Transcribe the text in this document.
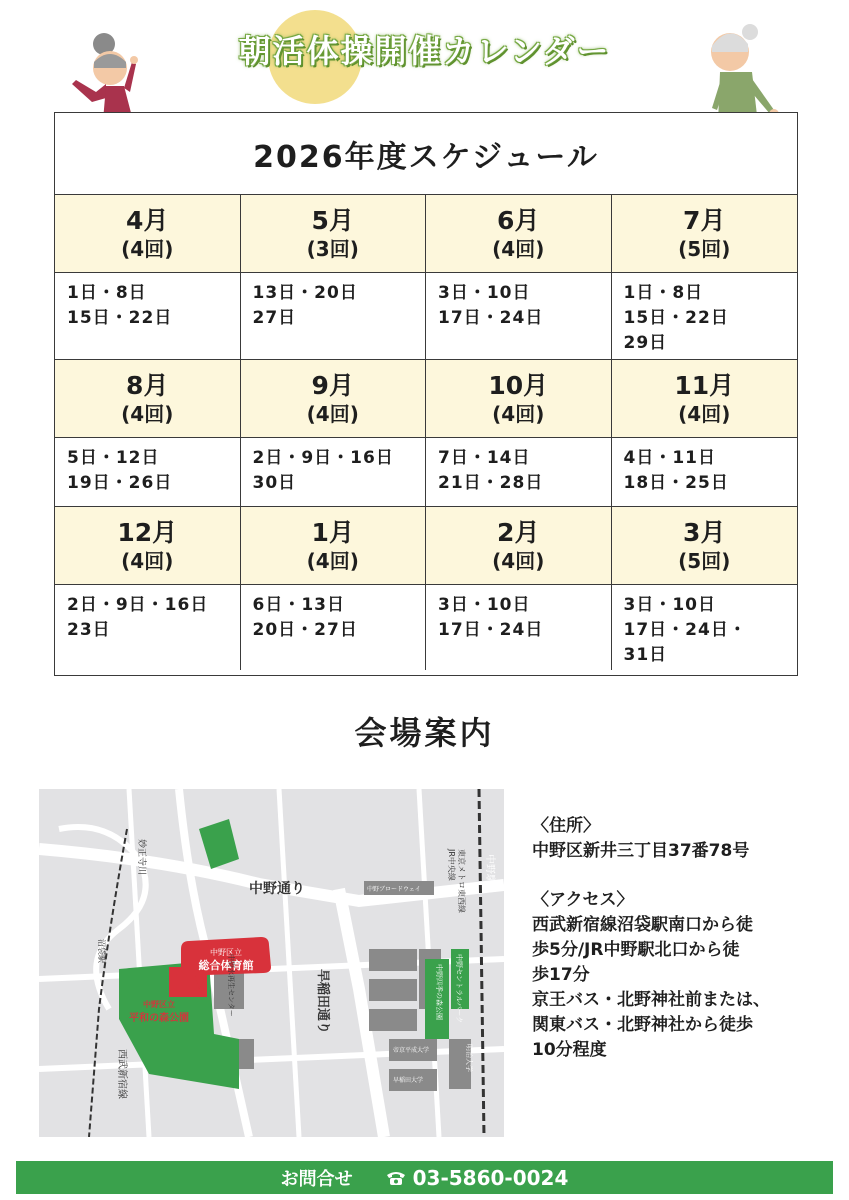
朝活体操開催カレンダー
2026年度スケジュール
4月
(4回)
5月
(3回)
6月
(4回)
7月
(5回)
1日・8日
15日・22日
13日・20日
27日
3日・10日
17日・24日
1日・8日
15日・22日
29日
8月
(4回)
9月
(4回)
10月
(4回)
11月
(4回)
5日・12日
19日・26日
2日・9日・16日
30日
7日・14日
21日・28日
4日・11日
18日・25日
12月
(4回)
1月
(4回)
2月
(4回)
3月
(5回)
2日・9日・16日
23日
6日・13日
20日・27日
3日・10日
17日・24日
3日・10日
17日・24日・
31日
会場案内
中野区立
総合体育館
中野区立
平和の森公園
中野通り
中野駅
早稲田通り
西武新宿線
沼袋駅
妙正寺川	JR中央線 東京メトロ東西線
中野四季の森公園 中野セントラルパーク
中野水再生センター
中野ブロードウェイ
明治大学
帝京平成大学
早稲田大学
〈住所〉
中野区新井三丁目37番78号
〈アクセス〉
西武新宿線沼袋駅南口から徒
歩5分/JR中野駅北口から徒
歩17分
京王バス・北野神社前または、
関東バス・北野神社から徒歩
10分程度
お問合せ	03-5860-0024
